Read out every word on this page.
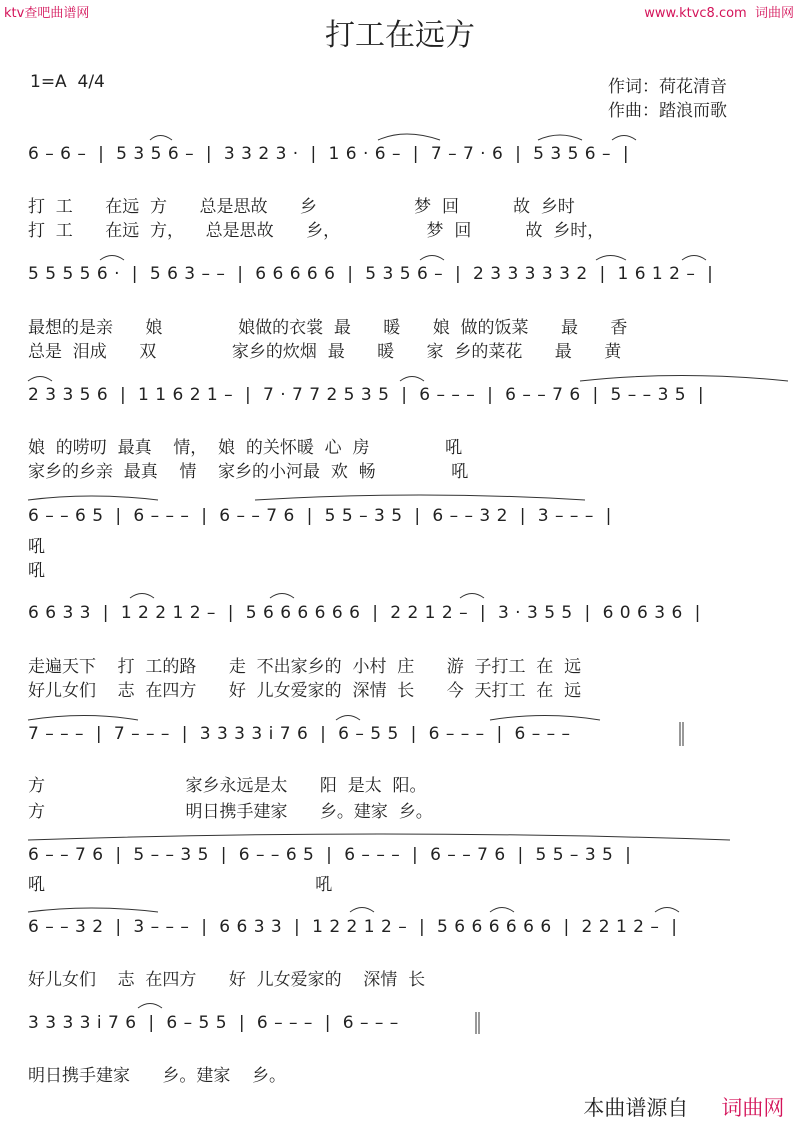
ktv查吧曲谱网	www.ktvc8.com  词曲网
打工在远方
1=A  4/4	作词：荷花清音
作曲：踏浪而歌
6 – 6 –  |  5 3 5 6 –  |  3 3 2 3 ·  |  1 6 · 6 –  |  7 – 7 · 6  |  5 3 5 6 –  |
打  工      在远  方      总是思故      乡                  梦  回          故  乡时
打  工      在远  方，    总是思故      乡，                梦  回          故  乡时，
5 5 5 5 6 ·  |  5 6 3 – –  |  6 6 6 6 6  |  5 3 5 6 –  |  2 3 3 3 3 3 2  |  1 6 1 2 –  |
最想的是亲      娘              娘做的衣裳  最      暖      娘  做的饭菜      最      香
总是  泪成      双              家乡的炊烟  最      暖      家  乡的菜花      最      黄
2 3 3 5 6  |  1 1 6 2 1 –  |  7 · 7 7 2 5 3 5  |  6 – – –  |  6 – – 7 6  |  5 – – 3 5  |
娘  的唠叨  最真    情，  娘  的关怀暖  心  房              吼
家乡的乡亲  最真    情    家乡的小河最  欢  畅              吼
6 – – 6 5  |  6 – – –  |  6 – – 7 6  |  5 5 – 3 5  |  6 – – 3 2  |  3 – – –  |
吼
吼
6 6 3 3  |  1 2 2 1 2 –  |  5 6 6 6 6 6 6  |  2 2 1 2 –  |  3 · 3 5 5  |  6 0 6 3 6  |
走遍天下    打  工的路      走  不出家乡的  小村  庄      游  子打工  在  远
好儿女们    志  在四方      好  儿女爱家的  深情  长      今  天打工  在  远
7 – – –  |  7 – – –  |  3 3 3 3 i 7 6  |  6 – 5 5  |  6 – – –  |  6 – – –
方                          家乡永远是太      阳  是太  阳。
方                          明日携手建家      乡。建家  乡。
6 – – 7 6  |  5 – – 3 5  |  6 – – 6 5  |  6 – – –  |  6 – – 7 6  |  5 5 – 3 5  |
吼                                                  吼
6 – – 3 2  |  3 – – –  |  6 6 3 3  |  1 2 2 1 2 –  |  5 6 6 6 6 6 6  |  2 2 1 2 –  |
好儿女们    志  在四方      好  儿女爱家的    深情  长
3 3 3 3 i 7 6  |  6 – 5 5  |  6 – – –  |  6 – – –
明日携手建家      乡。建家    乡。

本曲谱源自	词曲网
